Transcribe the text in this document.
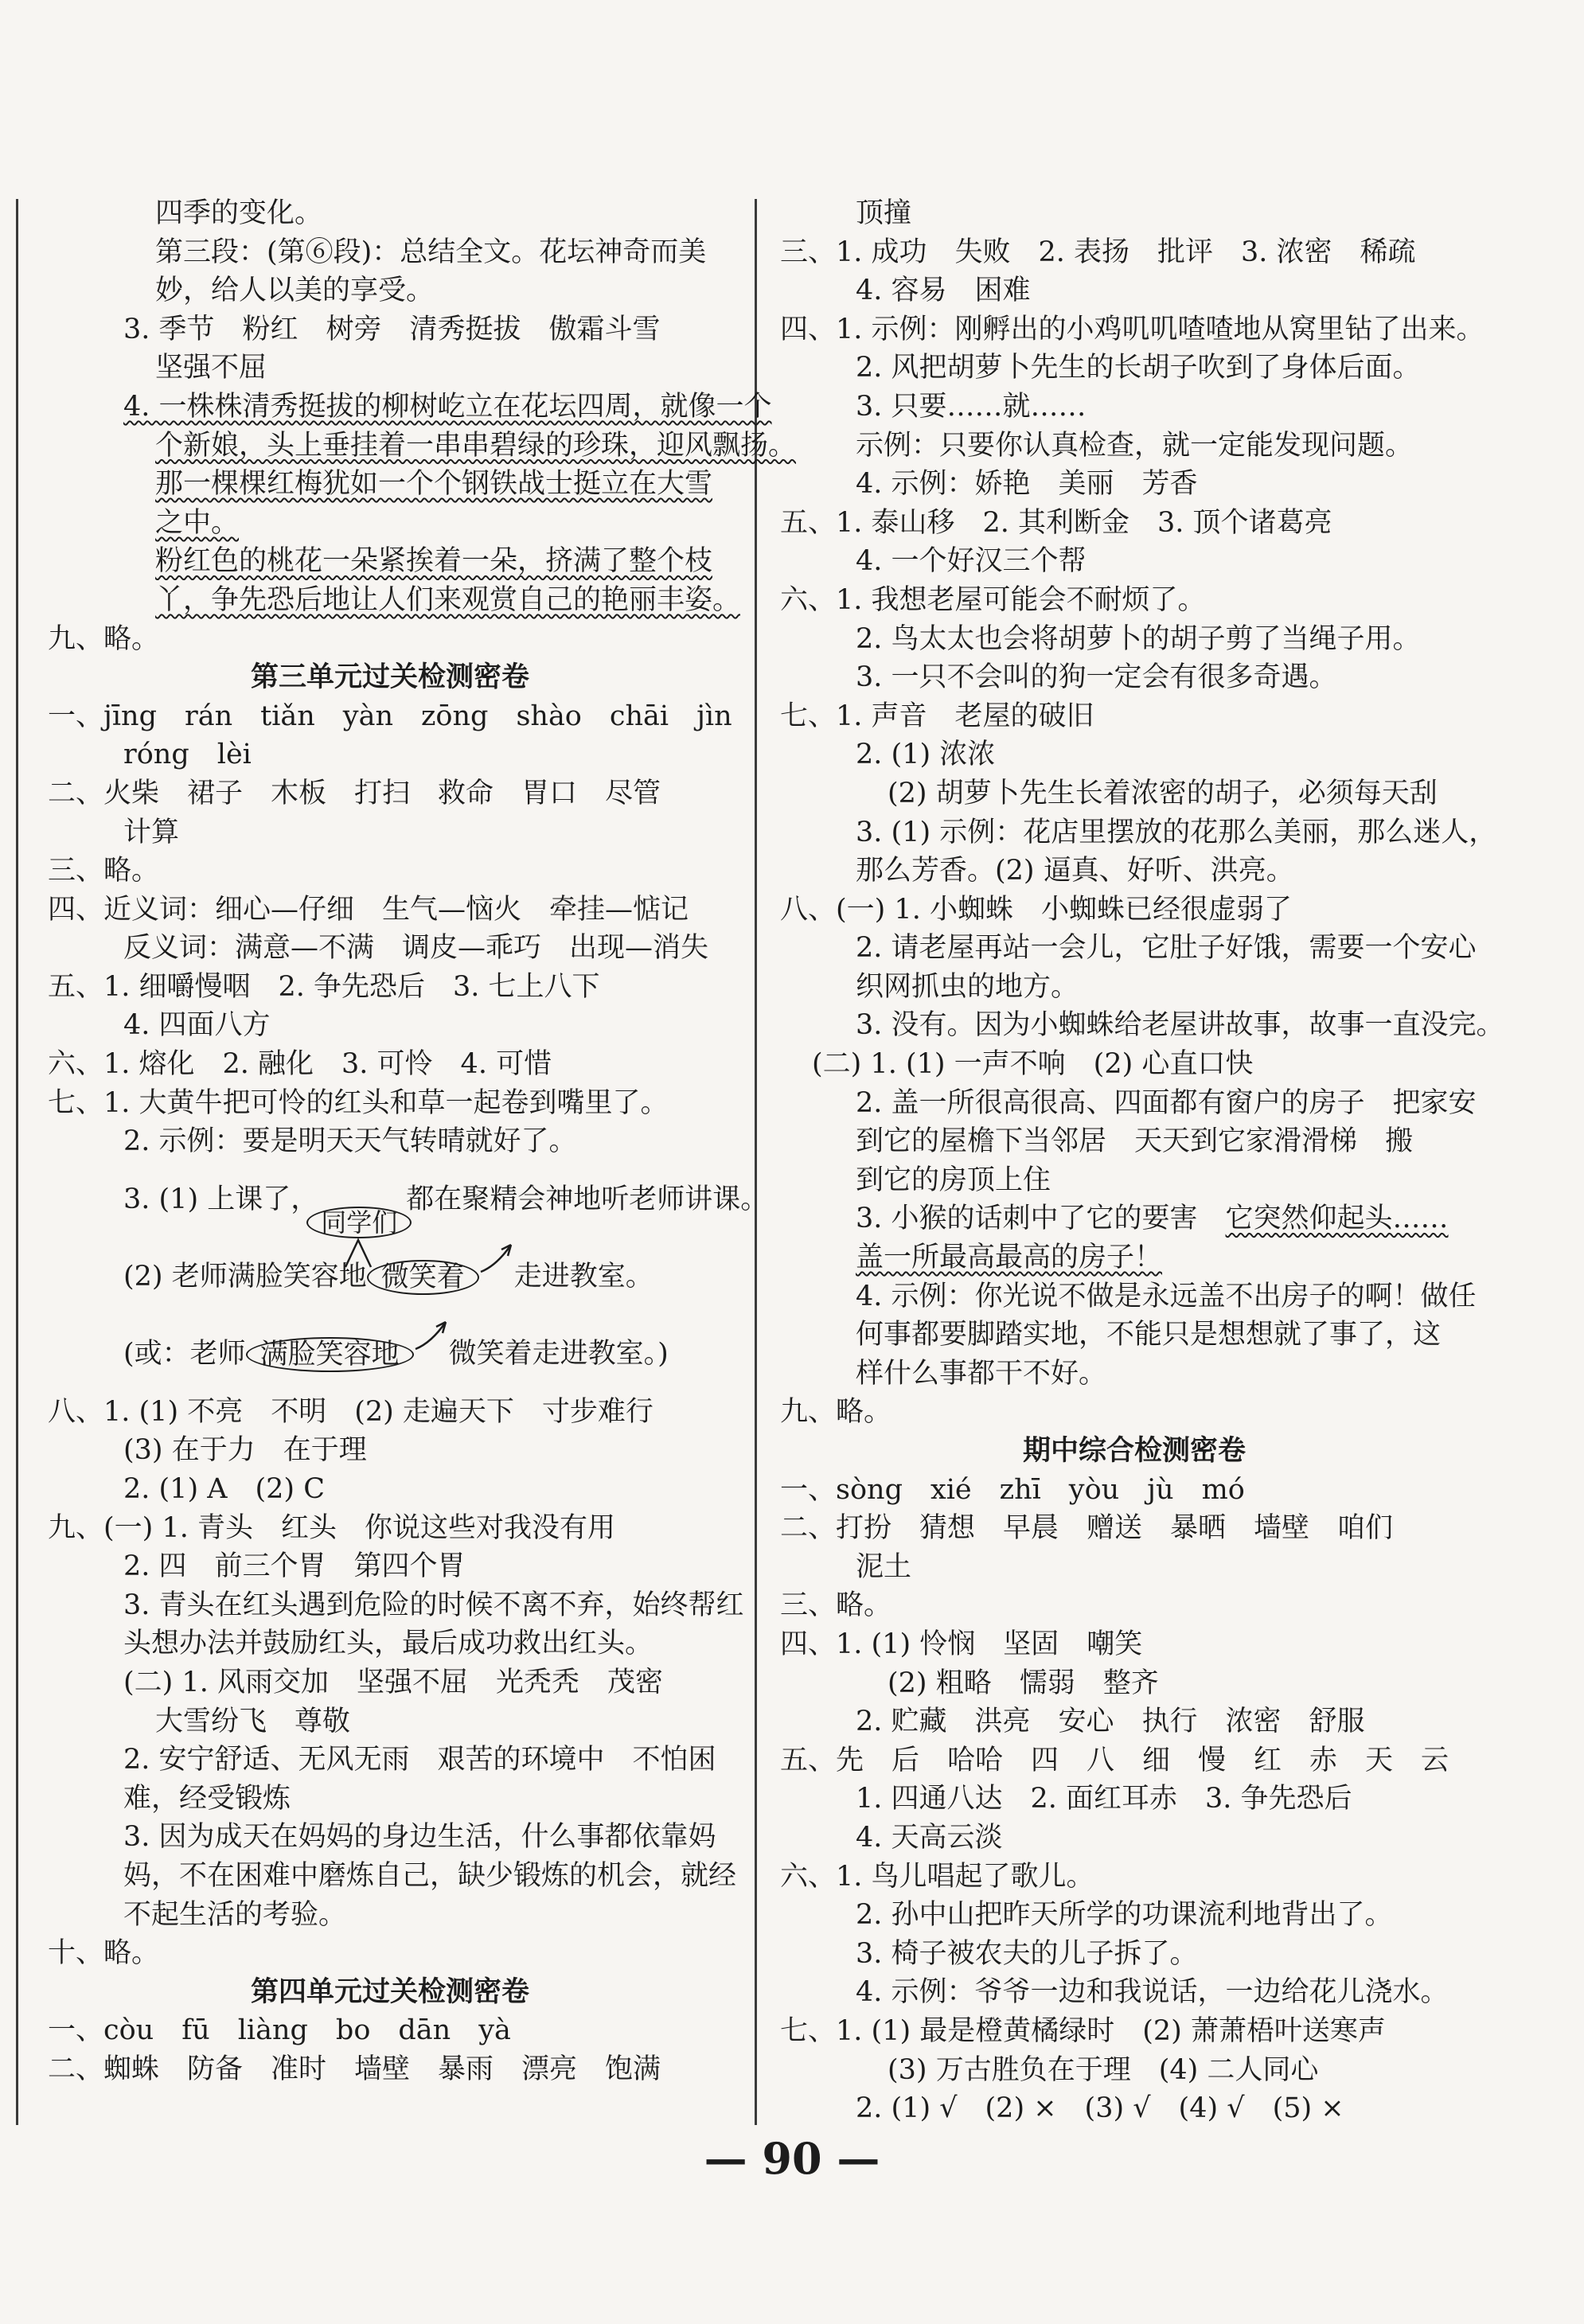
四季的变化。
第三段：(第⑥段)：总结全文。花坛神奇而美
妙，给人以美的享受。
3. 季节　粉红　树旁　清秀挺拔　傲霜斗雪
坚强不屈
4. 一株株清秀挺拔的柳树屹立在花坛四周，就像一个
个新娘，头上垂挂着一串串碧绿的珍珠，迎风飘扬。
那一棵棵红梅犹如一个个钢铁战士挺立在大雪
之中。
粉红色的桃花一朵紧挨着一朵，挤满了整个枝
丫，争先恐后地让人们来观赏自己的艳丽丰姿。
九、略。
第三单元过关检测密卷
一、jīng　rán　tiǎn　yàn　zōng　shào　chāi　jìn
róng　lèi
二、火柴　裙子　木板　打扫　救命　胃口　尽管
计算
三、略。
四、近义词：细心—仔细　生气—恼火　牵挂—惦记
反义词：满意—不满　调皮—乖巧　出现—消失
五、1. 细嚼慢咽　2. 争先恐后　3. 七上八下
4. 四面八方
六、1. 熔化　2. 融化　3. 可怜　4. 可惜
七、1. 大黄牛把可怜的红头和草一起卷到嘴里了。
2. 示例：要是明天天气转晴就好了。
3. (1) 上课了，
同学们
都在聚精会神地听老师讲课。
(2) 老师满脸笑容地 微笑着 走进教室。
(或：老师 满脸笑容地 微笑着走进教室。)
八、1. (1) 不亮　不明　(2) 走遍天下　寸步难行
(3) 在于力　在于理
2. (1) A　(2) C
九、(一) 1. 青头　红头　你说这些对我没有用
2. 四　前三个胃　第四个胃
3. 青头在红头遇到危险的时候不离不弃，始终帮红
头想办法并鼓励红头，最后成功救出红头。
(二) 1. 风雨交加　坚强不屈　光秃秃　茂密
大雪纷飞　尊敬
2. 安宁舒适、无风无雨　艰苦的环境中　不怕困
难，经受锻炼
3. 因为成天在妈妈的身边生活，什么事都依靠妈
妈，不在困难中磨炼自己，缺少锻炼的机会，就经
不起生活的考验。
十、略。
第四单元过关检测密卷
一、còu　fū　liàng　bo　dān　yà
二、蜘蛛　防备　准时　墙壁　暴雨　漂亮　饱满
顶撞
三、1. 成功　失败　2. 表扬　批评　3. 浓密　稀疏
4. 容易　困难
四、1. 示例：刚孵出的小鸡叽叽喳喳地从窝里钻了出来。
2. 风把胡萝卜先生的长胡子吹到了身体后面。
3. 只要……就……
示例：只要你认真检查，就一定能发现问题。
4. 示例：娇艳　美丽　芳香
五、1. 泰山移　2. 其利断金　3. 顶个诸葛亮
4. 一个好汉三个帮
六、1. 我想老屋可能会不耐烦了。
2. 鸟太太也会将胡萝卜的胡子剪了当绳子用。
3. 一只不会叫的狗一定会有很多奇遇。
七、1. 声音　老屋的破旧
2. (1) 浓浓
(2) 胡萝卜先生长着浓密的胡子，必须每天刮
3. (1) 示例：花店里摆放的花那么美丽，那么迷人，
那么芳香。(2) 逼真、好听、洪亮。
八、(一) 1. 小蜘蛛　小蜘蛛已经很虚弱了
2. 请老屋再站一会儿，它肚子好饿，需要一个安心
织网抓虫的地方。
3. 没有。因为小蜘蛛给老屋讲故事，故事一直没完。
(二) 1. (1) 一声不响　(2) 心直口快
2. 盖一所很高很高、四面都有窗户的房子　把家安
到它的屋檐下当邻居　天天到它家滑滑梯　搬
到它的房顶上住
3. 小猴的话刺中了它的要害　它突然仰起头……
盖一所最高最高的房子！
4. 示例：你光说不做是永远盖不出房子的啊！做任
何事都要脚踏实地，不能只是想想就了事了，这
样什么事都干不好。
九、略。
期中综合检测密卷
一、sòng　xié　zhī　yòu　jù　mó
二、打扮　猜想　早晨　赠送　暴晒　墙壁　咱们
泥土
三、略。
四、1. (1) 怜悯　坚固　嘲笑
(2) 粗略　懦弱　整齐
2. 贮藏　洪亮　安心　执行　浓密　舒服
五、先　后　哈哈　四　八　细　慢　红　赤　天　云
1. 四通八达　2. 面红耳赤　3. 争先恐后
4. 天高云淡
六、1. 鸟儿唱起了歌儿。
2. 孙中山把昨天所学的功课流利地背出了。
3. 椅子被农夫的儿子拆了。
4. 示例：爷爷一边和我说话，一边给花儿浇水。
七、1. (1) 最是橙黄橘绿时　(2) 萧萧梧叶送寒声
(3) 万古胜负在于理　(4) 二人同心
2. (1) √　(2) ×　(3) √　(4) √　(5) ×
— 90 —
